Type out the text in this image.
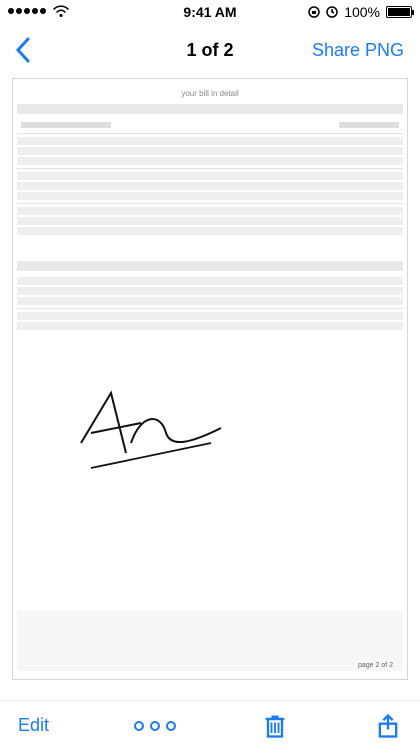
9:41 AM	100%
1 of 2	Share PNG
your bill in detail
page 2 of 2
Edit
